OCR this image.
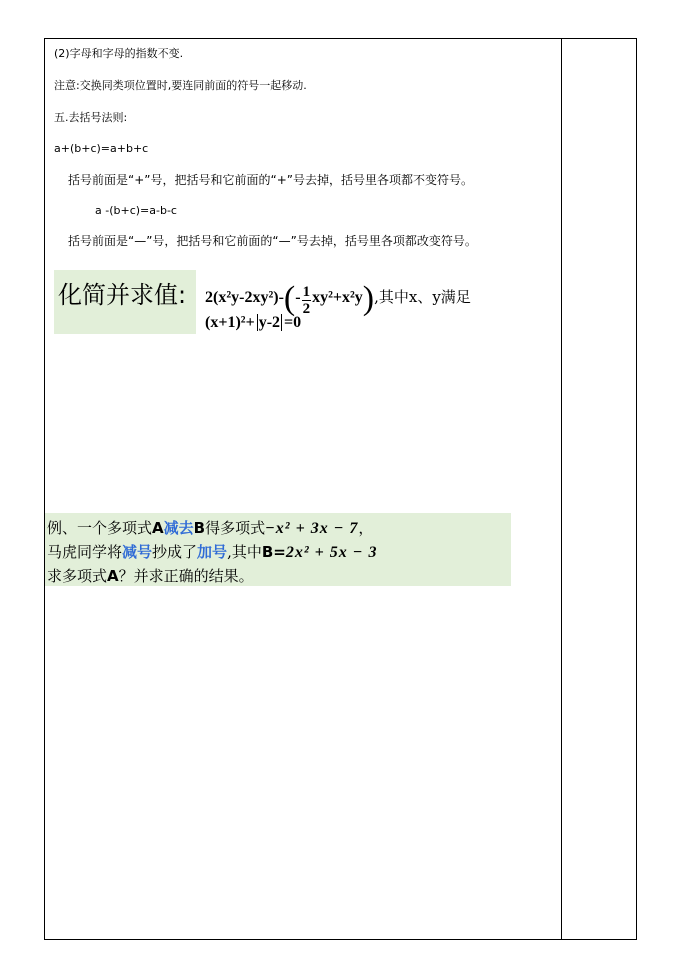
(2)字母和字母的指数不变.
注意:交换同类项位置时,要连同前面的符号一起移动.
五.去括号法则:
a+(b+c)=a+b+c
括号前面是“+”号，把括号和它前面的“+”号去掉，括号里各项都不变符号。
a -(b+c)=a-b-c
括号前面是“—”号，把括号和它前面的“—”号去掉，括号里各项都改变符号。
化简并求值: $2(x^2y-2xy^2)-(- \frac{1}{2} xy^2+x^2y)$,其中x、y满足
(x+1)²+ y-2 =0
例、一个多项式A减去B得多项式−x² + 3x − 7，
马虎同学将减号抄成了加号,其中B=2x² + 5x − 3
求多项式A？并求正确的结果。
